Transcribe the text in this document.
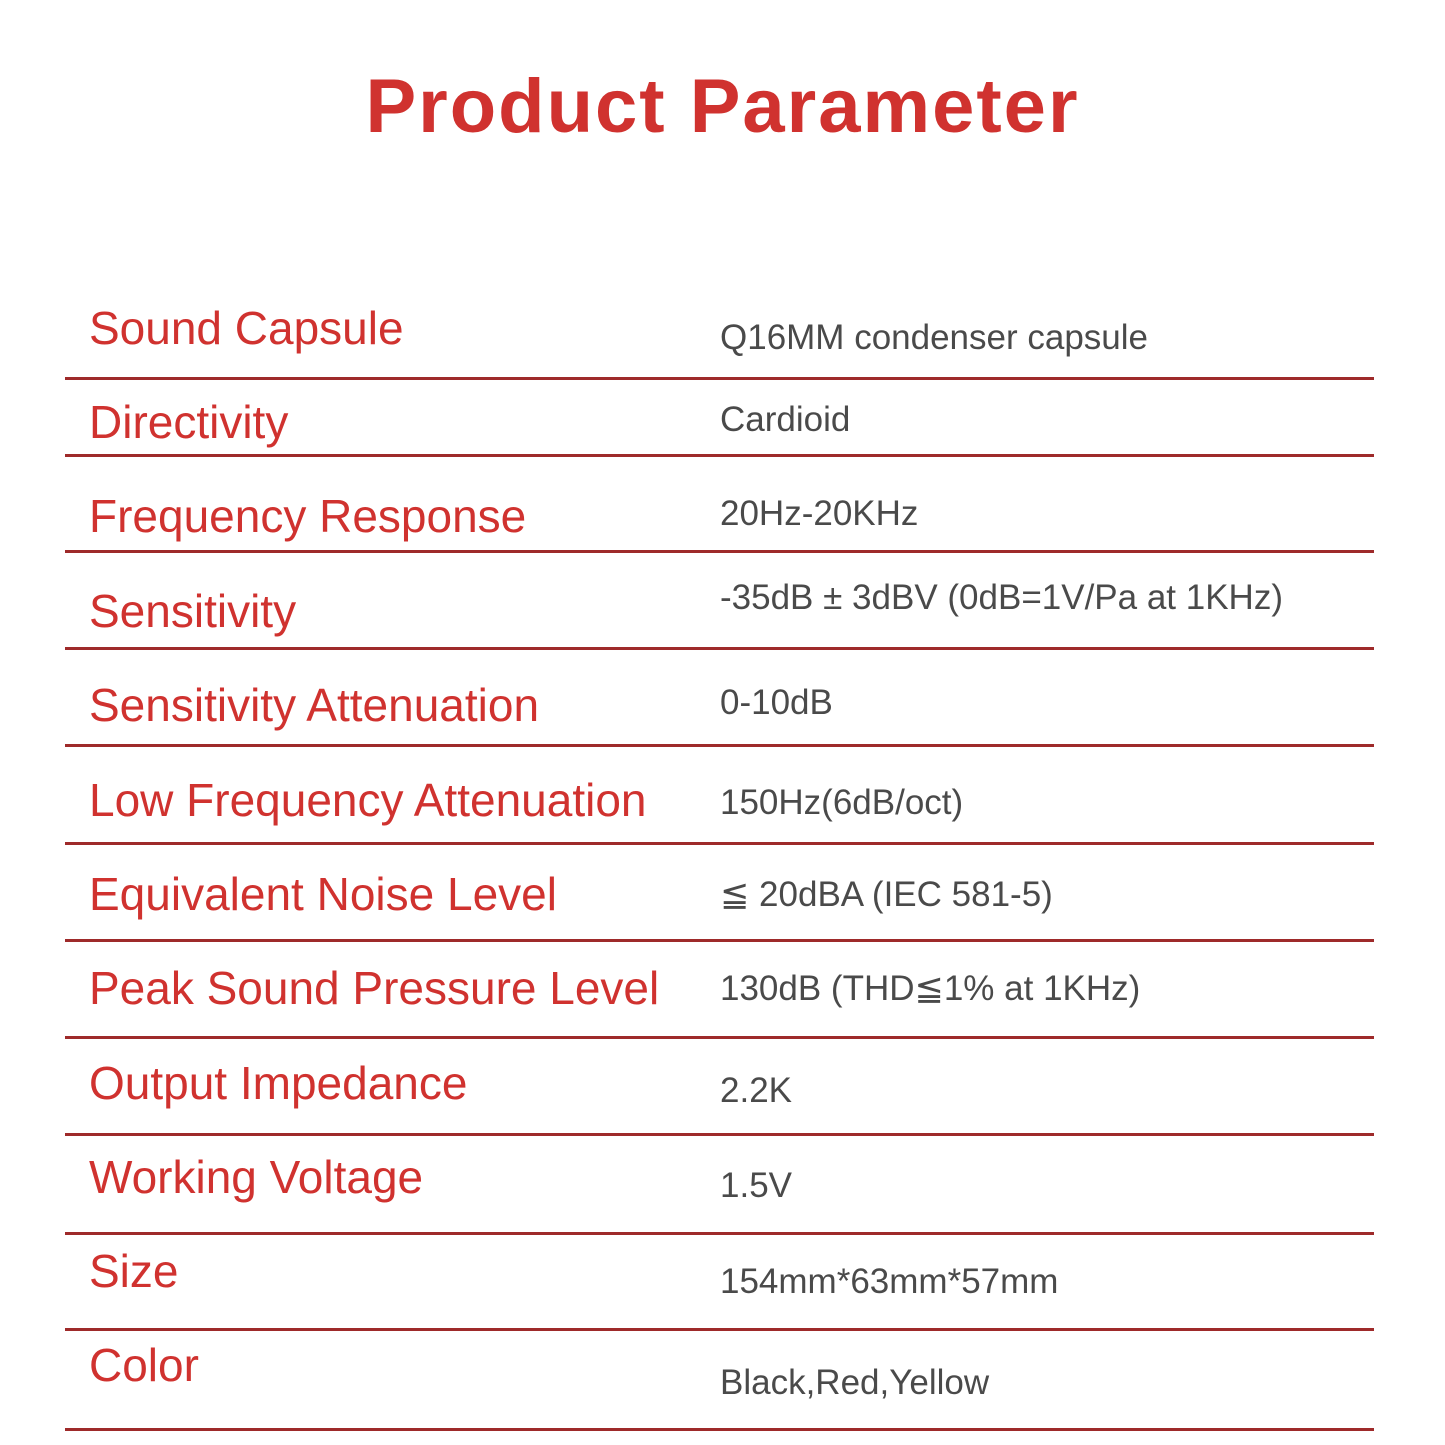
Product Parameter
Sound Capsule	Q16MM condenser capsule
Directivity	Cardioid
Frequency Response	20Hz-20KHz
Sensitivity	-35dB ± 3dBV (0dB=1V/Pa at 1KHz)
Sensitivity Attenuation	0-10dB
Low Frequency Attenuation 150Hz(6dB/oct)
Equivalent Noise Level	≦ 20dBA (IEC 581-5)
Peak Sound Pressure Level 130dB (THD≦1% at 1KHz)
Output Impedance	2.2K
Working Voltage	1.5V
Size	154mm*63mm*57mm
Color	Black,Red,Yellow
